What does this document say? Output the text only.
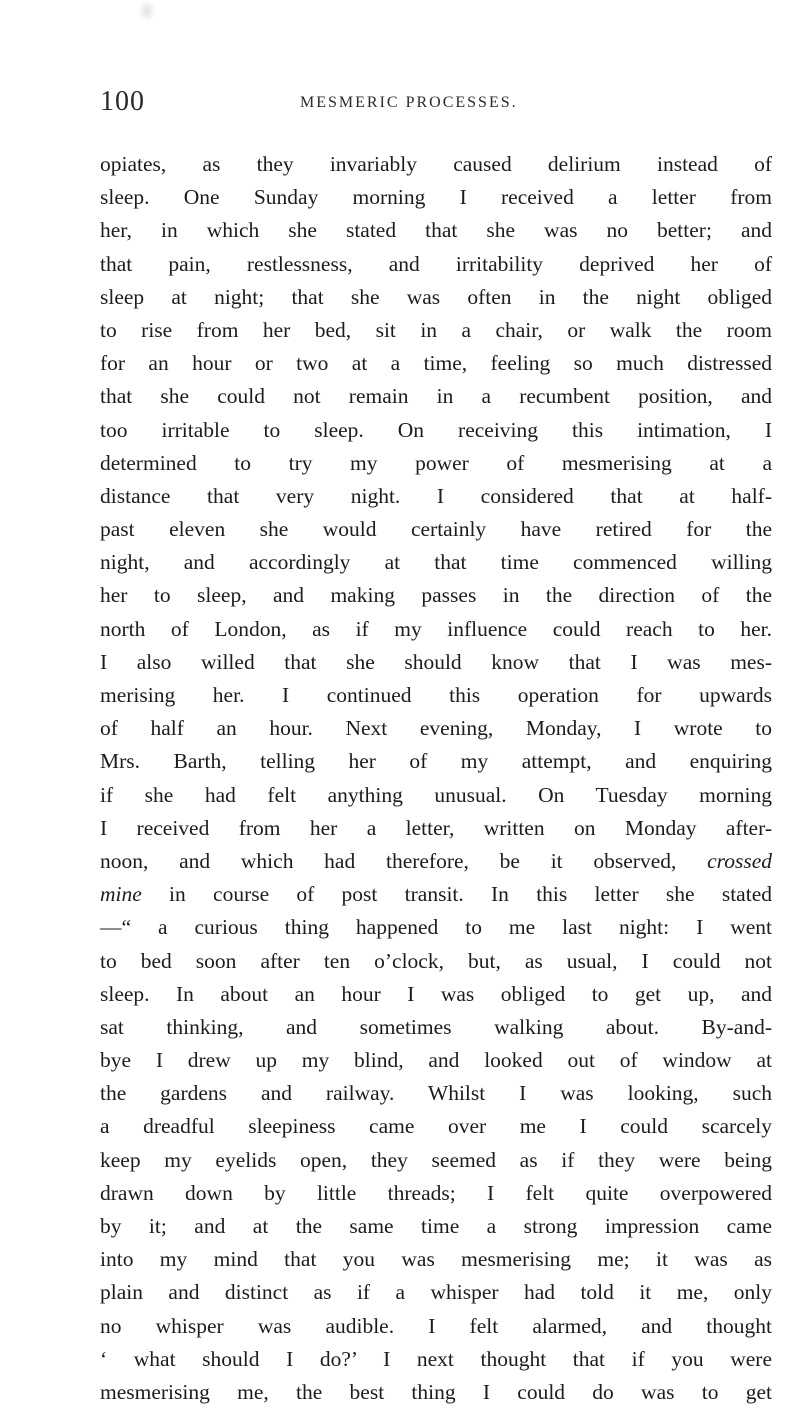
100	MESMERIC PROCESSES.
opiates, as they invariably caused delirium instead of
sleep. One Sunday morning I received a letter from
her, in which she stated that she was no better; and
that pain, restlessness, and irritability deprived her of
sleep at night; that she was often in the night obliged
to rise from her bed, sit in a chair, or walk the room
for an hour or two at a time, feeling so much distressed
that she could not remain in a recumbent position, and
too irritable to sleep. On receiving this intimation, I
determined to try my power of mesmerising at a
distance that very night. I considered that at half-
past eleven she would certainly have retired for the
night, and accordingly at that time commenced willing
her to sleep, and making passes in the direction of the
north of London, as if my influence could reach to her.
I also willed that she should know that I was mes-
merising her. I continued this operation for upwards
of half an hour. Next evening, Monday, I wrote to
Mrs. Barth, telling her of my attempt, and enquiring
if she had felt anything unusual. On Tuesday morning
I received from her a letter, written on Monday after-
noon, and which had therefore, be it observed, crossed
mine in course of post transit. In this letter she stated
—“ a curious thing happened to me last night: I went
to bed soon after ten o’clock, but, as usual, I could not
sleep. In about an hour I was obliged to get up, and
sat thinking, and sometimes walking about. By-and-
bye I drew up my blind, and looked out of window at
the gardens and railway. Whilst I was looking, such
a dreadful sleepiness came over me I could scarcely
keep my eyelids open, they seemed as if they were being
drawn down by little threads; I felt quite overpowered
by it; and at the same time a strong impression came
into my mind that you was mesmerising me; it was as
plain and distinct as if a whisper had told it me, only
no whisper was audible. I felt alarmed, and thought
‘ what should I do?’ I next thought that if you were
mesmerising me, the best thing I could do was to get
